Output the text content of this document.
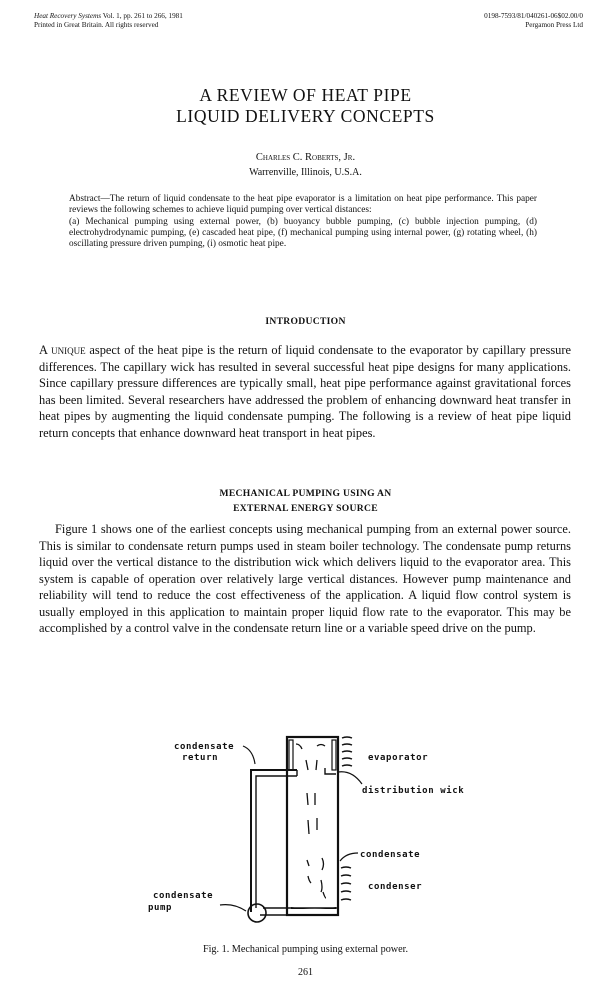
Heat Recovery Systems Vol. 1, pp. 261 to 266, 1981
Printed in Great Britain. All rights reserved
0198-7593/81/040261-06$02.00/0
Pergamon Press Ltd
A REVIEW OF HEAT PIPE
LIQUID DELIVERY CONCEPTS
Charles C. Roberts, Jr.
Warrenville, Illinois, U.S.A.
Abstract—The return of liquid condensate to the heat pipe evaporator is a limitation on heat pipe performance. This paper reviews the following schemes to achieve liquid pumping over vertical distances:
(a) Mechanical pumping using external power, (b) buoyancy bubble pumping, (c) bubble injection pumping, (d) electrohydrodynamic pumping, (e) cascaded heat pipe, (f) mechanical pumping using internal power, (g) rotating wheel, (h) oscillating pressure driven pumping, (i) osmotic heat pipe.
INTRODUCTION
A unique aspect of the heat pipe is the return of liquid condensate to the evaporator by capillary pressure differences. The capillary wick has resulted in several successful heat pipe designs for many applications. Since capillary pressure differences are typically small, heat pipe performance against gravitational forces has been limited. Several researchers have addressed the problem of enhancing downward heat transfer in heat pipes by augmenting the liquid condensate pumping. The following is a review of heat pipe liquid return concepts that enhance downward heat transport in heat pipes.
MECHANICAL PUMPING USING AN
EXTERNAL ENERGY SOURCE
Figure 1 shows one of the earliest concepts using mechanical pumping from an external power source. This is similar to condensate return pumps used in steam boiler technology. The condensate pump returns liquid over the vertical distance to the distribution wick which delivers liquid to the evaporator area. This system is capable of operation over relatively large vertical distances. However pump maintenance and reliability will tend to reduce the cost effectiveness of the application. A liquid flow control system is usually employed in this application to maintain proper liquid flow rate to the evaporator. This may be accomplished by a control valve in the condensate return line or a variable speed drive on the pump.
condensate
return	evaporator
distribution wick
condensate
condenser
condensate
pump
Fig. 1. Mechanical pumping using external power.
261
